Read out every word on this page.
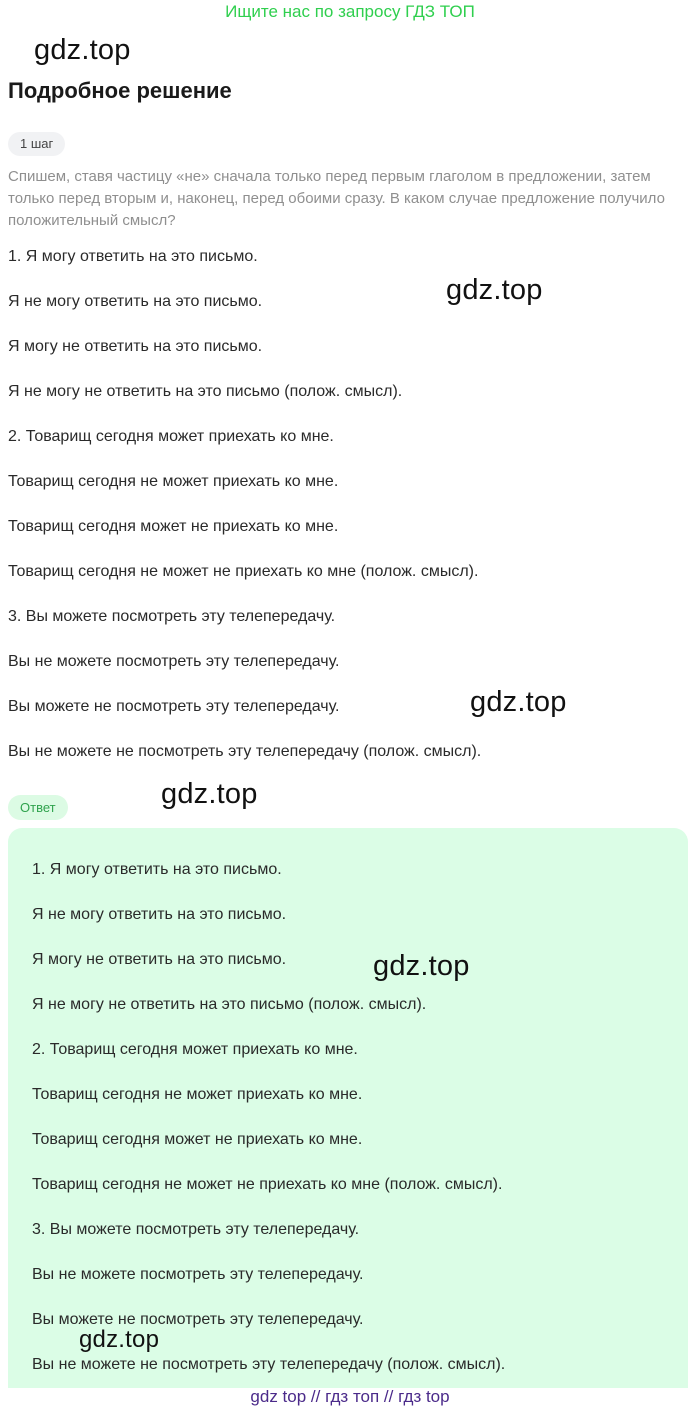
Ищите нас по запросу ГДЗ ТОП
gdz.top
gdz.top
gdz.top
gdz.top
Подробное решение
1 шаг
Спишем, ставя частицу «не» сначала только перед первым глаголом в предложении, затем только перед вторым и, наконец, перед обоими сразу. В каком случае предложение получило положительный смысл?
1. Я могу ответить на это письмо.
Я не могу ответить на это письмо.
Я могу не ответить на это письмо.
Я не могу не ответить на это письмо (полож. смысл).
2. Товарищ сегодня может приехать ко мне.
Товарищ сегодня не может приехать ко мне.
Товарищ сегодня может не приехать ко мне.
Товарищ сегодня не может не приехать ко мне (полож. смысл).
3. Вы можете посмотреть эту телепередачу.
Вы не можете посмотреть эту телепередачу.
Вы можете не посмотреть эту телепередачу.
Вы не можете не посмотреть эту телепередачу (полож. смысл).
Ответ
1. Я могу ответить на это письмо.
Я не могу ответить на это письмо.
Я могу не ответить на это письмо.
Я не могу не ответить на это письмо (полож. смысл).
2. Товарищ сегодня может приехать ко мне.
Товарищ сегодня не может приехать ко мне.
Товарищ сегодня может не приехать ко мне.
Товарищ сегодня не может не приехать ко мне (полож. смысл).
3. Вы можете посмотреть эту телепередачу.
Вы не можете посмотреть эту телепередачу.
Вы можете не посмотреть эту телепередачу.
Вы не можете не посмотреть эту телепередачу (полож. смысл).
gdz.top
gdz.top
gdz top // гдз топ // гдз top
